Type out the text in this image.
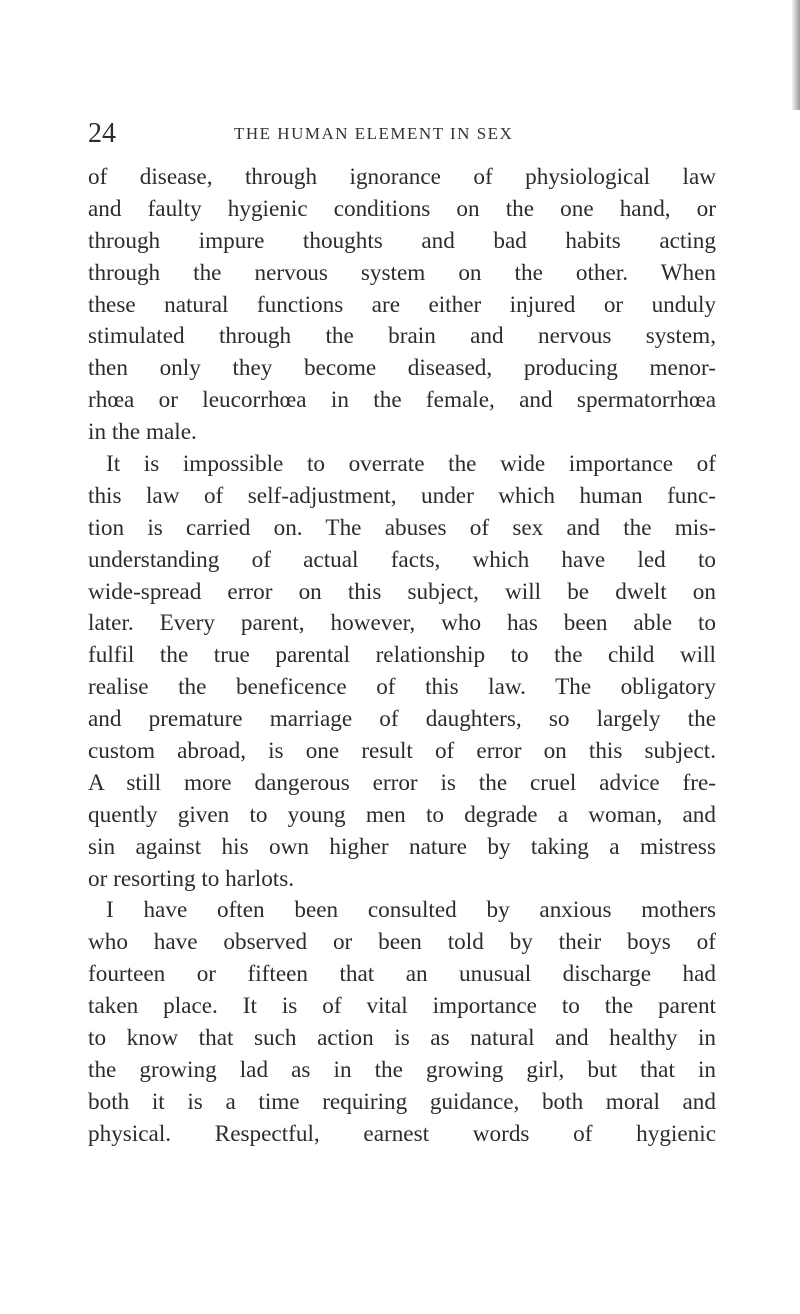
24	THE HUMAN ELEMENT IN SEX
of disease, through ignorance of physiological law
and faulty hygienic conditions on the one hand, or
through impure thoughts and bad habits acting
through the nervous system on the other. When
these natural functions are either injured or unduly
stimulated through the brain and nervous system,
then only they become diseased, producing menor-
rhœa or leucorrhœa in the female, and spermatorrhœa
in the male.
It is impossible to overrate the wide importance of
this law of self-adjustment, under which human func-
tion is carried on. The abuses of sex and the mis-
understanding of actual facts, which have led to
wide-spread error on this subject, will be dwelt on
later. Every parent, however, who has been able to
fulfil the true parental relationship to the child will
realise the beneficence of this law. The obligatory
and premature marriage of daughters, so largely the
custom abroad, is one result of error on this subject.
A still more dangerous error is the cruel advice fre-
quently given to young men to degrade a woman, and
sin against his own higher nature by taking a mistress
or resorting to harlots.
I have often been consulted by anxious mothers
who have observed or been told by their boys of
fourteen or fifteen that an unusual discharge had
taken place. It is of vital importance to the parent
to know that such action is as natural and healthy in
the growing lad as in the growing girl, but that in
both it is a time requiring guidance, both moral and
physical. Respectful, earnest words of hygienic
